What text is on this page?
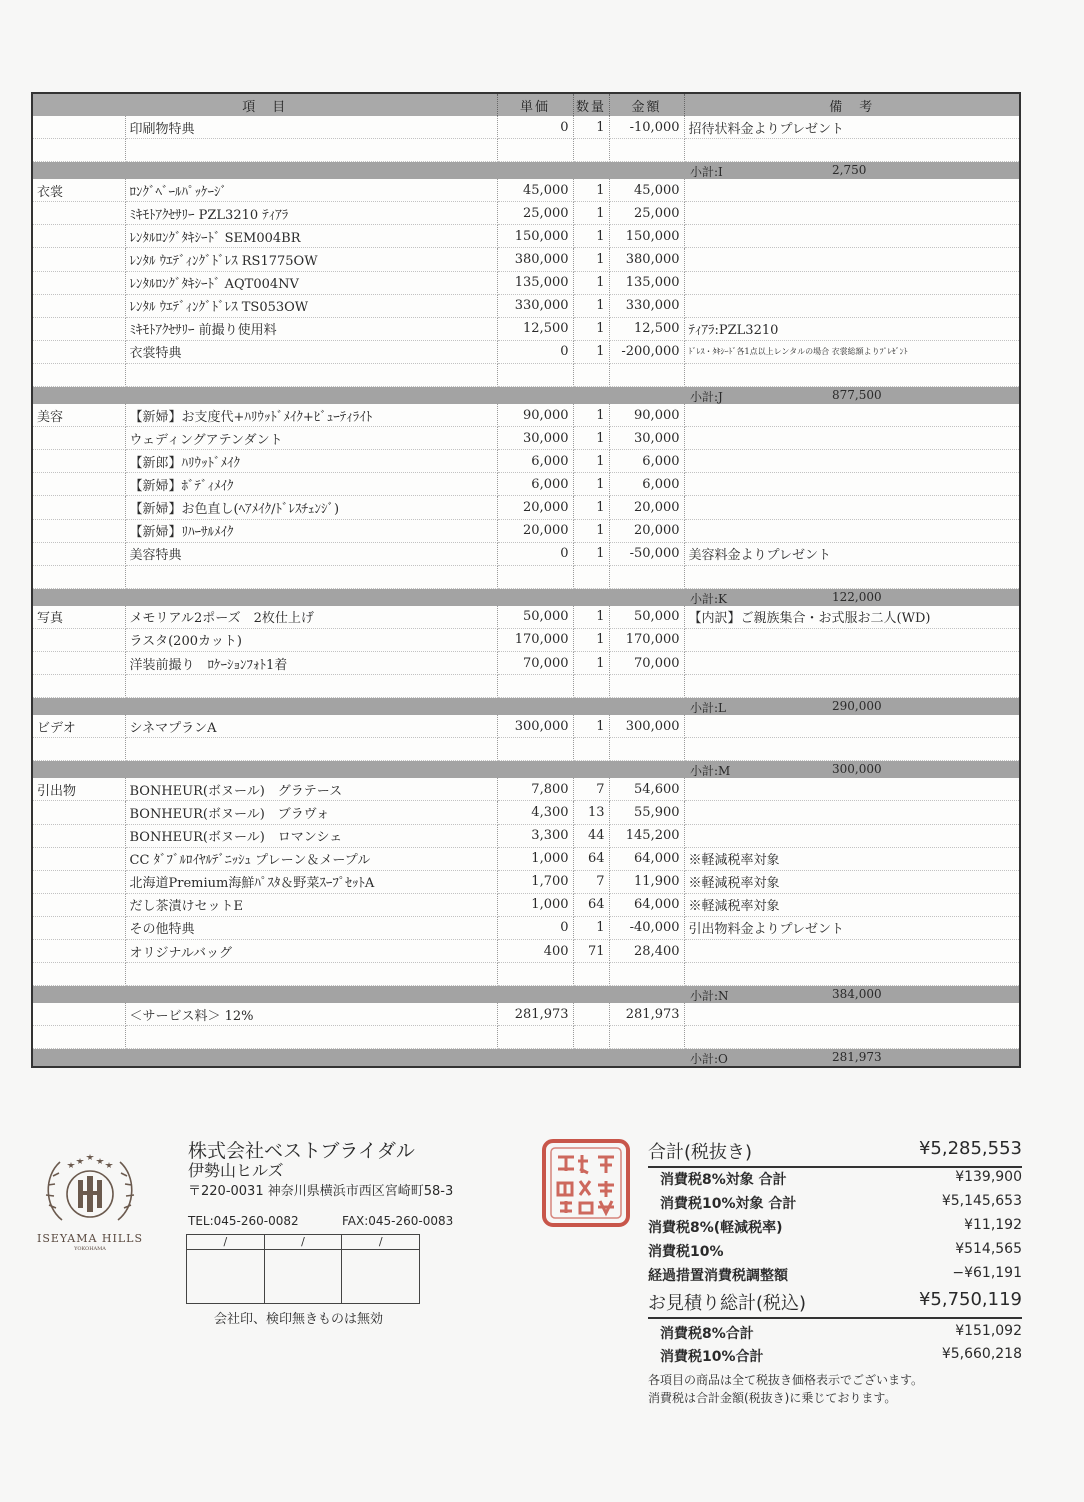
項　目		単価	数量	金額	備　考
	印刷物特典	0	1	-10,000	招待状料金よりプレゼント

					小計:I 2,750

衣裳	ﾛﾝｸﾞﾍﾞｰﾙﾊﾟｯｹｰｼﾞ	45,000	1	45,000	
	ﾐｷﾓﾄｱｸｾｻﾘｰ PZL3210 ﾃｨｱﾗ	25,000	1	25,000	
	ﾚﾝﾀﾙﾛﾝｸﾞﾀｷｼｰﾄﾞ SEM004BR	150,000	1	150,000	
	ﾚﾝﾀﾙ ｳｴﾃﾞｨﾝｸﾞﾄﾞﾚｽ RS1775OW	380,000	1	380,000	
	ﾚﾝﾀﾙﾛﾝｸﾞﾀｷｼｰﾄﾞ AQT004NV	135,000	1	135,000	
	ﾚﾝﾀﾙ ｳｴﾃﾞｨﾝｸﾞﾄﾞﾚｽ TS053OW	330,000	1	330,000	
	ﾐｷﾓﾄｱｸｾｻﾘｰ 前撮り使用料	12,500	1	12,500	ﾃｨｱﾗ:PZL3210
	衣裳特典	0	1	-200,000	ﾄﾞﾚｽ・ﾀｷｼｰﾄﾞ各1点以上レンタルの場合 衣裳総額よりﾌﾟﾚｾﾞﾝﾄ

					小計:J 877,500

美容	【新婦】お支度代+ﾊﾘｳｯﾄﾞﾒｲｸ+ﾋﾞｭｰﾃｨﾗｲﾄ	90,000	1	90,000	
	ウェディングアテンダント	30,000	1	30,000	
	【新郎】ﾊﾘｳｯﾄﾞﾒｲｸ	6,000	1	6,000	
	【新婦】ﾎﾞﾃﾞｨﾒｲｸ	6,000	1	6,000	
	【新婦】お色直し(ﾍｱﾒｲｸ/ﾄﾞﾚｽﾁｪﾝｼﾞ)	20,000	1	20,000	
	【新婦】ﾘﾊｰｻﾙﾒｲｸ	20,000	1	20,000	
	美容特典	0	1	-50,000	美容料金よりプレゼント

					小計:K 122,000

写真	メモリアル2ポーズ　2枚仕上げ	50,000	1	50,000	【内訳】ご親族集合・お式服お二人(WD)
	ラスタ(200カット)	170,000	1	170,000	
	洋装前撮り　ﾛｹｰｼｮﾝﾌｫﾄ1着	70,000	1	70,000	

					小計:L 290,000

ビデオ	シネマプランA	300,000	1	300,000	

					小計:M 300,000

引出物	BONHEUR(ボヌール)　グラテース	7,800	7	54,600	
	BONHEUR(ボヌール)　ブラヴォ	4,300	13	55,900	
	BONHEUR(ボヌール)　ロマンシェ	3,300	44	145,200	
	CC ﾀﾞﾌﾞﾙﾛｲﾔﾙﾃﾞﾆｯｼｭ プレーン＆メープル	1,000	64	64,000	※軽減税率対象
	北海道Premium海鮮ﾊﾟｽﾀ＆野菜ｽｰﾌﾟｾｯﾄA	1,700	7	11,900	※軽減税率対象
	だし茶漬けセットE	1,000	64	64,000	※軽減税率対象
	その他特典	0	1	-40,000	引出物料金よりプレゼント
	オリジナルバッグ	400	71	28,400	

					小計:N 384,000

	＜サービス料＞ 12%	281,973		281,973	

					小計:O 281,973
ISEYAMA HILLS
YOKOHAMA
株式会社ベストブライダル
伊勢山ヒルズ
〒220-0031 神奈川県横浜市西区宮崎町58-3
TEL:045-260-0082	FAX:045-260-0083
/	/	/
会社印、検印無きものは無効
合計(税抜き)	¥5,285,553
消費税8%対象 合計	¥139,900
消費税10%対象 合計	¥5,145,653
消費税8%(軽減税率)	¥11,192
消費税10%	¥514,565
経過措置消費税調整額	−¥61,191
お見積り総計(税込)	¥5,750,119
消費税8%合計	¥151,092
消費税10%合計	¥5,660,218
各項目の商品は全て税抜き価格表示でございます。
消費税は合計金額(税抜き)に乗じております。
